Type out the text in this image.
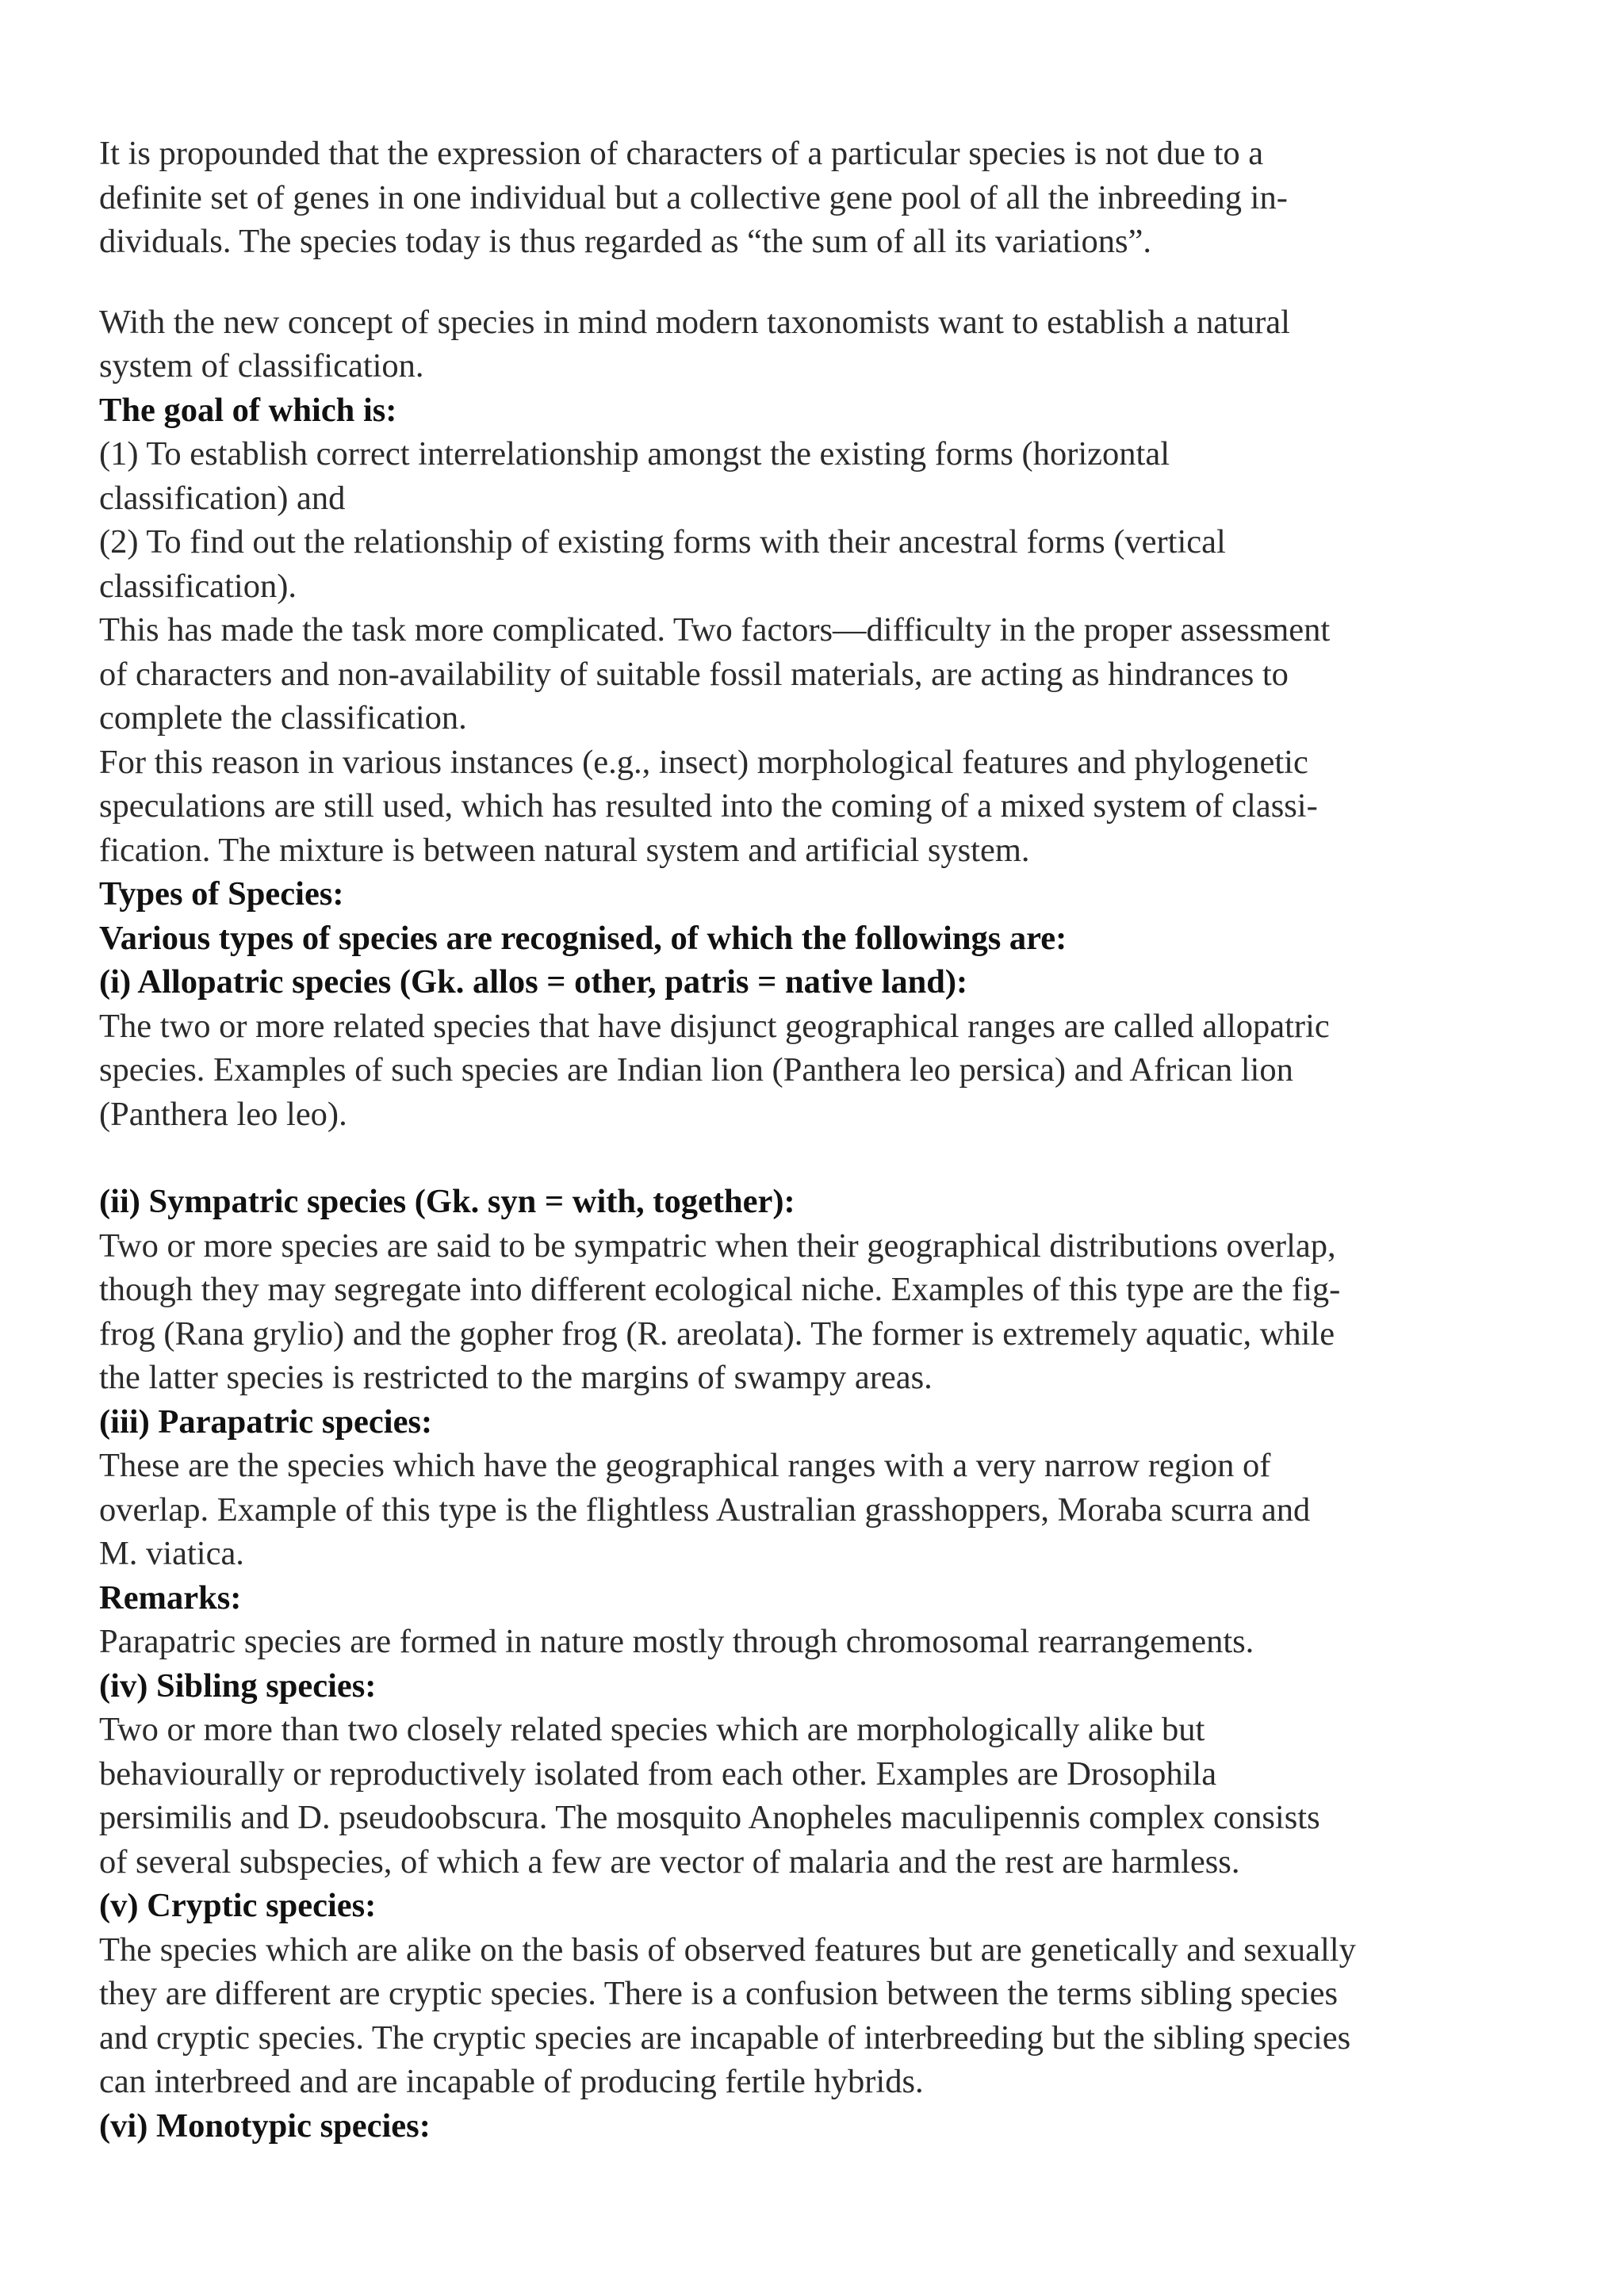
It is propounded that the expression of characters of a particular species is not due to a
definite set of genes in one individual but a collective gene pool of all the inbreeding in-
dividuals. The species today is thus regarded as “the sum of all its variations”.

With the new concept of species in mind modern taxonomists want to establish a natural
system of classification.

The goal of which is:
(1) To establish correct interrelationship amongst the existing forms (horizontal
classification) and
(2) To find out the relationship of existing forms with their ancestral forms (vertical
classification).

This has made the task more complicated. Two factors—difficulty in the proper assessment
of characters and non-availability of suitable fossil materials, are acting as hindrances to
complete the classification.
For this reason in various instances (e.g., insect) morphological features and phylogenetic
speculations are still used, which has resulted into the coming of a mixed system of classi-
fication. The mixture is between natural system and artificial system.

Types of Species:
Various types of species are recognised, of which the followings are:
(i) Allopatric species (Gk. allos = other, patris = native land):
The two or more related species that have disjunct geographical ranges are called allopatric
species. Examples of such species are Indian lion (Panthera leo persica) and African lion
(Panthera leo leo).

(ii) Sympatric species (Gk. syn = with, together):
Two or more species are said to be sympatric when their geographical distributions overlap,
though they may segregate into different ecological niche. Examples of this type are the fig-
frog (Rana grylio) and the gopher frog (R. areolata). The former is extremely aquatic, while
the latter species is restricted to the margins of swampy areas.
(iii) Parapatric species:
These are the species which have the geographical ranges with a very narrow region of
overlap. Example of this type is the flightless Australian grasshoppers, Moraba scurra and
M. viatica.
Remarks:
Parapatric species are formed in nature mostly through chromosomal rearrangements.
(iv) Sibling species:
Two or more than two closely related species which are morphologically alike but
behaviourally or reproductively isolated from each other. Examples are Drosophila
persimilis and D. pseudoobscura. The mosquito Anopheles maculipennis complex consists
of several subspecies, of which a few are vector of malaria and the rest are harmless.
(v) Cryptic species:
The species which are alike on the basis of observed features but are genetically and sexually
they are different are cryptic species. There is a confusion between the terms sibling species
and cryptic species. The cryptic species are incapable of interbreeding but the sibling species
can interbreed and are incapable of producing fertile hybrids.
(vi) Monotypic species:
